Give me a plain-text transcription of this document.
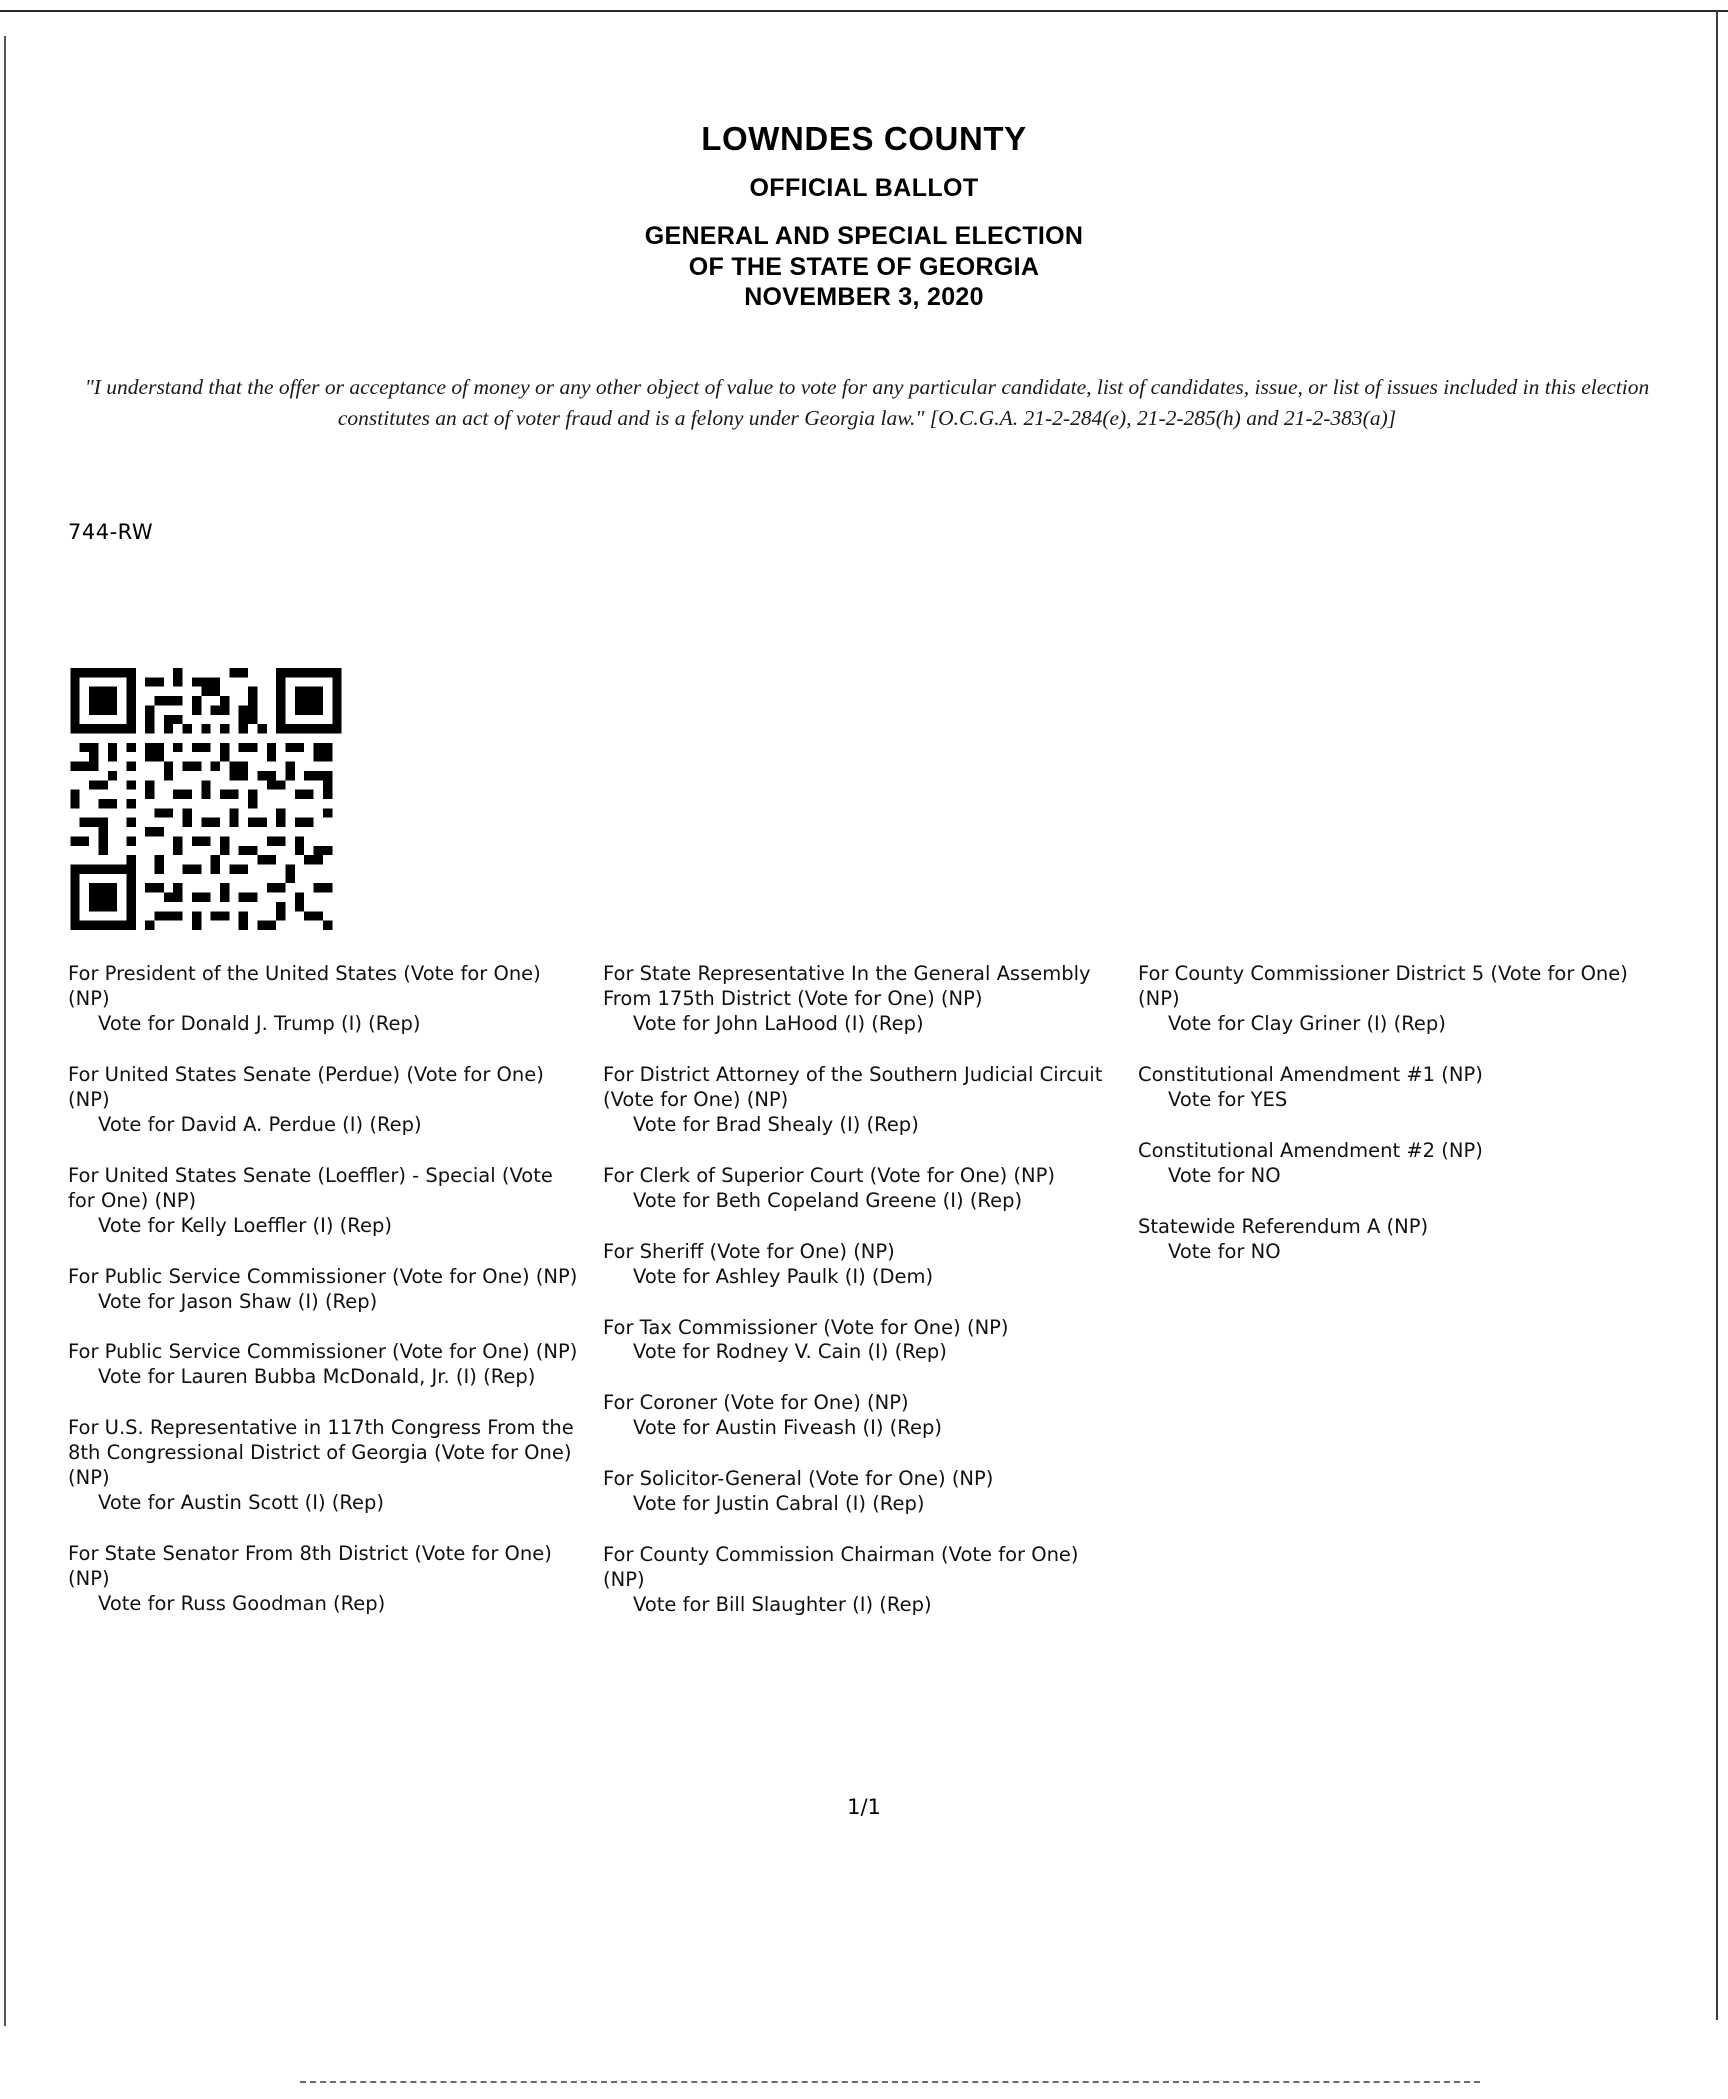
LOWNDES COUNTY
OFFICIAL BALLOT
GENERAL AND SPECIAL ELECTION
OF THE STATE OF GEORGIA
NOVEMBER 3, 2020
"I understand that the offer or acceptance of money or any other object of value to vote for any particular candidate, list of candidates, issue, or list of issues included in this election constitutes an act of voter fraud and is a felony under Georgia law." [O.C.G.A. 21-2-284(e), 21-2-285(h) and 21-2-383(a)]
744-RW
For President of the United States (Vote for One) (NP)
Vote for Donald J. Trump (I) (Rep)
For United States Senate (Perdue) (Vote for One) (NP)
Vote for David A. Perdue (I) (Rep)
For United States Senate (Loeffler) - Special (Vote for One) (NP)
Vote for Kelly Loeffler (I) (Rep)
For Public Service Commissioner (Vote for One) (NP)
Vote for Jason Shaw (I) (Rep)
For Public Service Commissioner (Vote for One) (NP)
Vote for Lauren Bubba McDonald, Jr. (I) (Rep)
For U.S. Representative in 117th Congress From the 8th Congressional District of Georgia (Vote for One) (NP)
Vote for Austin Scott (I) (Rep)
For State Senator From 8th District (Vote for One) (NP)
Vote for Russ Goodman (Rep)
For State Representative In the General Assembly From 175th District (Vote for One) (NP)
Vote for John LaHood (I) (Rep)
For District Attorney of the Southern Judicial Circuit (Vote for One) (NP)
Vote for Brad Shealy (I) (Rep)
For Clerk of Superior Court (Vote for One) (NP)
Vote for Beth Copeland Greene (I) (Rep)
For Sheriff (Vote for One) (NP)
Vote for Ashley Paulk (I) (Dem)
For Tax Commissioner (Vote for One) (NP)
Vote for Rodney V. Cain (I) (Rep)
For Coroner (Vote for One) (NP)
Vote for Austin Fiveash (I) (Rep)
For Solicitor-General (Vote for One) (NP)
Vote for Justin Cabral (I) (Rep)
For County Commission Chairman (Vote for One) (NP)
Vote for Bill Slaughter (I) (Rep)
For County Commissioner District 5 (Vote for One) (NP)
Vote for Clay Griner (I) (Rep)
Constitutional Amendment #1 (NP)
Vote for YES
Constitutional Amendment #2 (NP)
Vote for NO
Statewide Referendum A (NP)
Vote for NO
1/1
